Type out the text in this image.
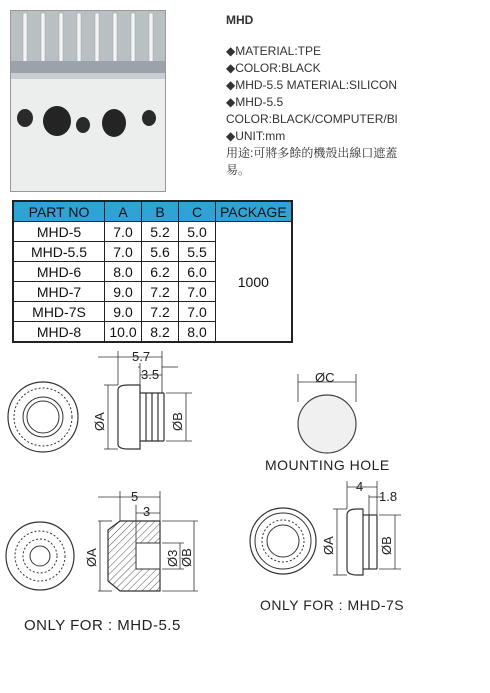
MHD
◆MATERIAL:TPE
◆COLOR:BLACK
◆MHD-5.5 MATERIAL:SILICON
◆MHD-5.5
COLOR:BLACK/COMPUTER/Bl
◆UNIT:mm
用途:可將多餘的機殼出線口遮蓋易。
PART NO	A	B	C	PACKAGE
MHD-5	7.0	5.2	5.0	1000
MHD-5.5	7.0	5.6	5.5	
MHD-6	8.0	6.2	6.0	
MHD-7	9.0	7.2	7.0	
MHD-7S	9.0	7.2	7.0	
MHD-8	10.0	8.2	8.0	
5.7
3.5
ØA	ØB
ØC
MOUNTING HOLE
5
3
ØA	Ø3 ØB
ONLY FOR : MHD-5.5
4
1.8
ØA	ØB
ONLY FOR : MHD-7S
